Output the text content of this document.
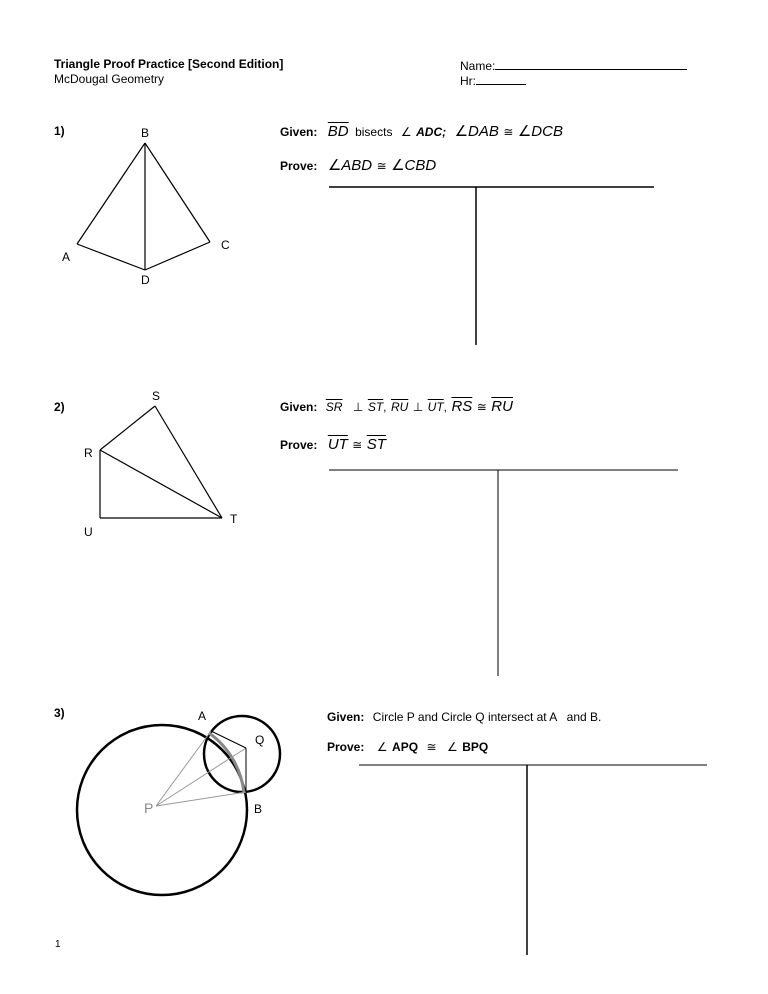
Triangle Proof Practice [Second Edition]
McDougal Geometry
Name:
Hr:
1)	B
A
C
D
Given: $\overline{BD}$ bisects ∠ ADC; ∠DAB ≅ ∠DCB
Prove: ∠ABD ≅ ∠CBD
2)
S
R
U
T
Given: $\overline{SR}$ ⊥ $\overline{ST}$, $\overline{RU}$ ⊥ $\overline{UT}$, $\overline{RS}$ ≅ $\overline{RU}$
Prove: $\overline{UT}$ ≅ $\overline{ST}$
3)	A
Q
P	B
Given: Circle P and Circle Q intersect at A   and B.
Prove: ∠ APQ ≅ ∠ BPQ
1
